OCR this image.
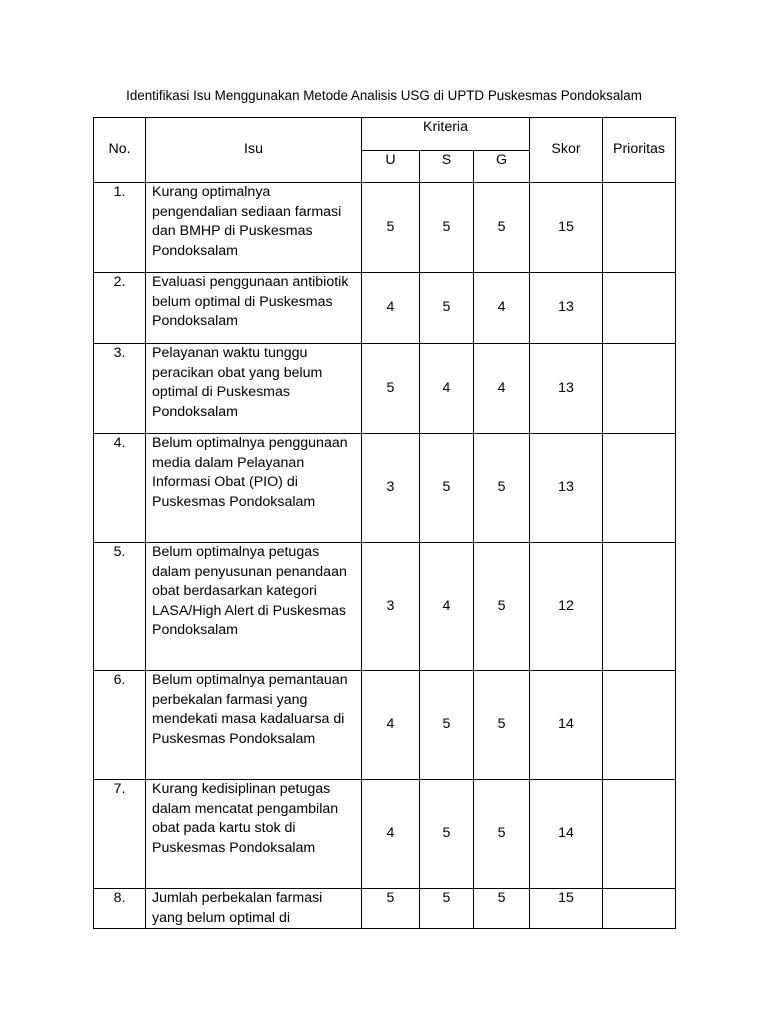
Identifikasi Isu Menggunakan Metode Analisis USG di UPTD Puskesmas Pondoksalam
No.	Isu	Kriteria			Skor	Prioritas
		U	S	G		
1.	Kurang optimalnya pengendalian sediaan farmasi dan BMHP di Puskesmas Pondoksalam	5	5	5	15	
2.	Evaluasi penggunaan antibiotik belum optimal di Puskesmas Pondoksalam	4	5	4	13	
3.	Pelayanan waktu tunggu peracikan obat yang belum optimal di Puskesmas Pondoksalam	5	4	4	13	
4.	Belum optimalnya penggunaan media dalam Pelayanan Informasi Obat (PIO) di Puskesmas Pondoksalam	3	5	5	13	
5.	Belum optimalnya petugas dalam penyusunan penandaan obat berdasarkan kategori LASA/High Alert di Puskesmas Pondoksalam	3	4	5	12	
6.	Belum optimalnya pemantauan perbekalan farmasi yang mendekati masa kadaluarsa di Puskesmas Pondoksalam	4	5	5	14	
7.	Kurang kedisiplinan petugas dalam mencatat pengambilan obat pada kartu stok di Puskesmas Pondoksalam	4	5	5	14	
8.	Jumlah perbekalan farmasi yang belum optimal di	5	5	5	15	
